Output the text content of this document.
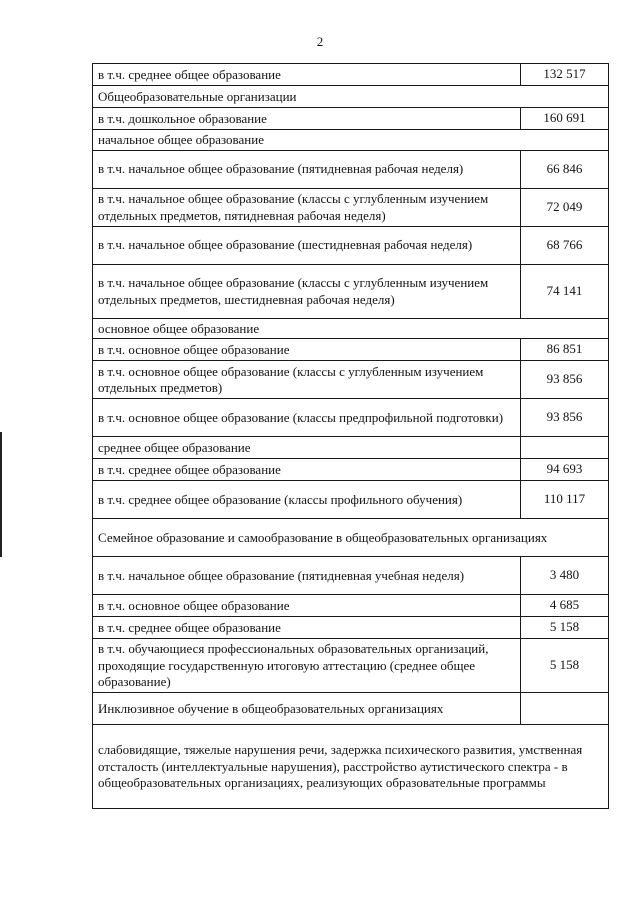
2
в т.ч. среднее общее образование	132 517
Общеобразовательные организации	
в т.ч. дошкольное образование	160 691
начальное общее образование	
в т.ч. начальное общее образование (пятидневная рабочая неделя)	66 846
в т.ч. начальное общее образование (классы с углубленным изучением отдельных предметов, пятидневная рабочая неделя)	72 049
в т.ч. начальное общее образование (шестидневная рабочая неделя)	68 766
в т.ч. начальное общее образование (классы с углубленным изучением отдельных предметов, шестидневная рабочая неделя)	74 141
основное общее образование	
в т.ч. основное общее образование	86 851
в т.ч. основное общее образование (классы с углубленным изучением отдельных предметов)	93 856
в т.ч. основное общее образование (классы предпрофильной подготовки)	93 856
среднее общее образование	
в т.ч. среднее общее образование	94 693
в т.ч. среднее общее образование (классы профильного обучения)	110 117
Семейное образование и самообразование в общеобразовательных организациях	
в т.ч. начальное общее образование (пятидневная учебная неделя)	3 480
в т.ч. основное общее образование	4 685
в т.ч. среднее общее образование	5 158
в т.ч. обучающиеся профессиональных образовательных организаций, проходящие государственную итоговую аттестацию (среднее общее образование)	5 158
Инклюзивное обучение в общеобразовательных организациях	
слабовидящие, тяжелые нарушения речи, задержка психического развития, умственная отсталость (интеллектуальные нарушения), расстройство аутистического спектра - в общеобразовательных организациях, реализующих образовательные программы	
